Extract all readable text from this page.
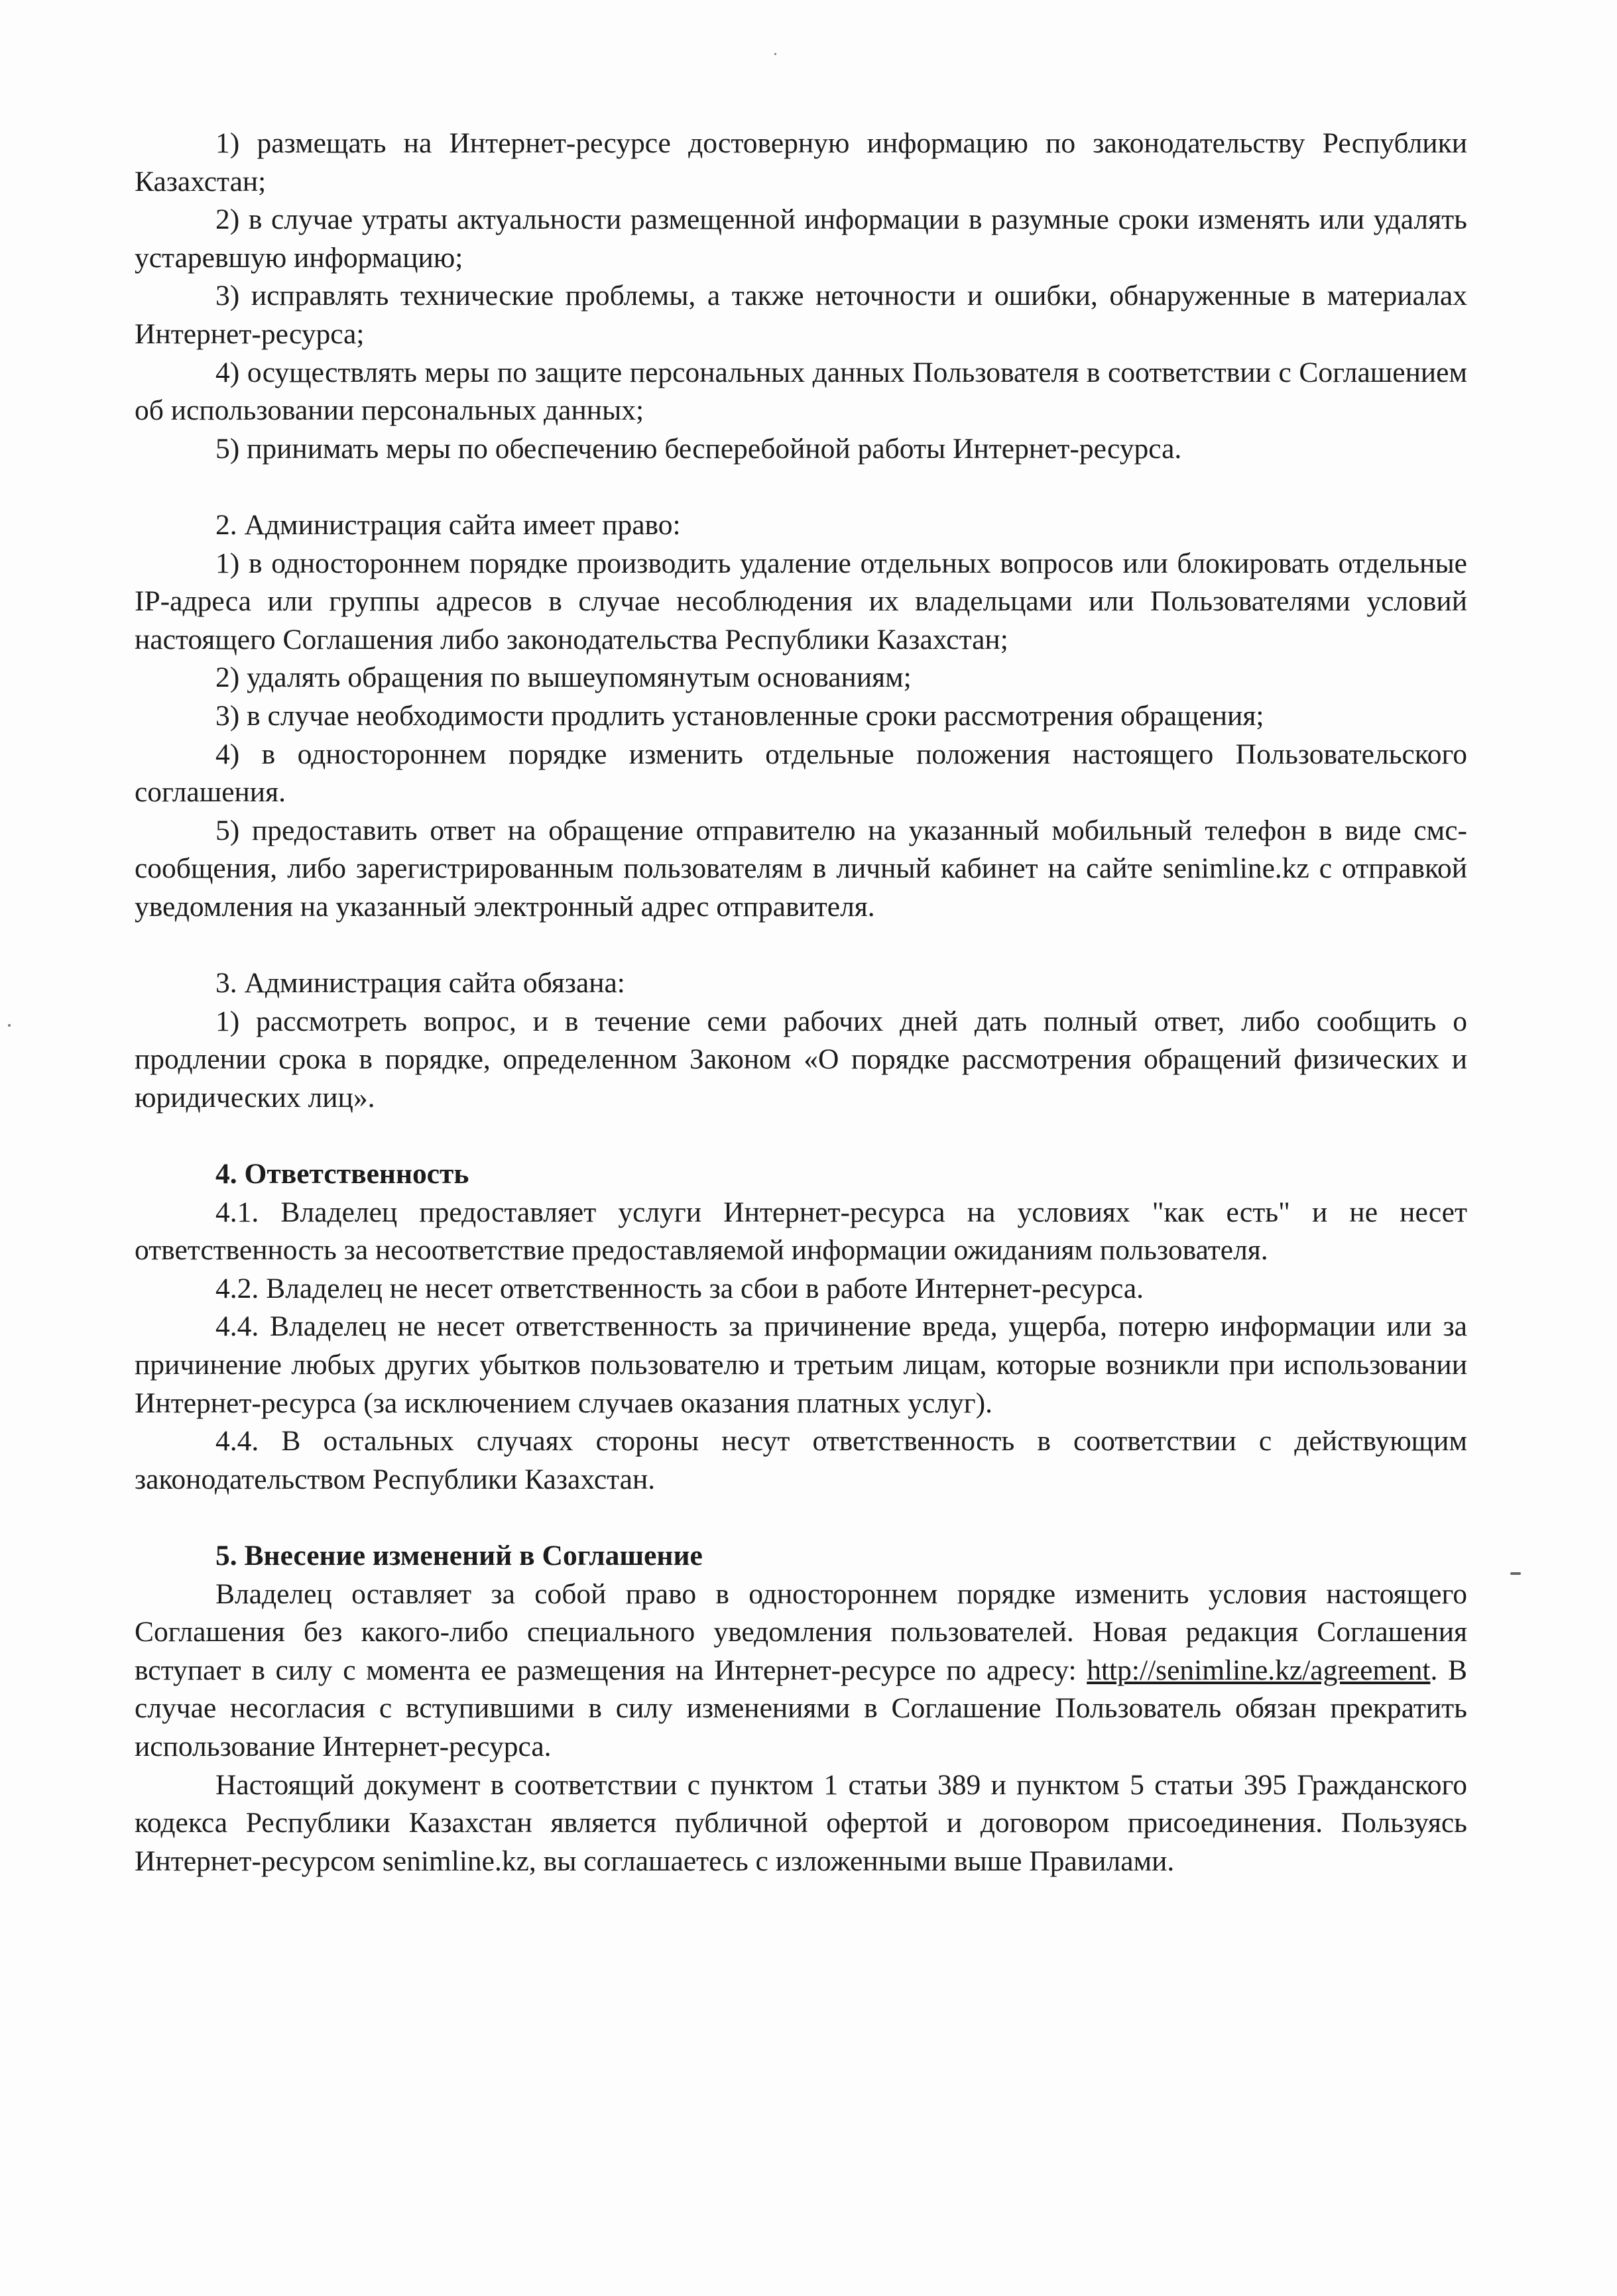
1) размещать на Интернет-ресурсе достоверную информацию по законодательству Республики Казахстан;

2) в случае утраты актуальности размещенной информации в разумные сроки изменять или удалять устаревшую информацию;

3) исправлять технические проблемы, а также неточности и ошибки, обнаруженные в материалах Интернет-ресурса;

4) осуществлять меры по защите персональных данных Пользователя в соответствии с Соглашением об использовании персональных данных;

5) принимать меры по обеспечению бесперебойной работы Интернет-ресурса.

2. Администрация сайта имеет право:

1) в одностороннем порядке производить удаление отдельных вопросов или блокировать отдельные IP-адреса или группы адресов в случае несоблюдения их владельцами или Пользователями условий настоящего Соглашения либо законодательства Республики Казахстан;

2) удалять обращения по вышеупомянутым основаниям;

3) в случае необходимости продлить установленные сроки рассмотрения обращения;

4) в одностороннем порядке изменить отдельные положения настоящего Пользовательского соглашения.

5) предоставить ответ на обращение отправителю на указанный мобильный телефон в виде смс-сообщения, либо зарегистрированным пользователям в личный кабинет на сайте senimline.kz с отправкой уведомления на указанный электронный адрес отправителя.

3. Администрация сайта обязана:

1) рассмотреть вопрос, и в течение семи рабочих дней дать полный ответ, либо сообщить о продлении срока в порядке, определенном Законом «О порядке рассмотрения обращений физических и юридических лиц».

4. Ответственность

4.1. Владелец предоставляет услуги Интернет-ресурса на условиях "как есть" и не несет ответственность за несоответствие предоставляемой информации ожиданиям пользователя.

4.2. Владелец не несет ответственность за сбои в работе Интернет-ресурса.

4.4. Владелец не несет ответственность за причинение вреда, ущерба, потерю информации или за причинение любых других убытков пользователю и третьим лицам, которые возникли при использовании Интернет-ресурса (за исключением случаев оказания платных услуг).

4.4. В остальных случаях стороны несут ответственность в соответствии с действующим законодательством Республики Казахстан.

5. Внесение изменений в Соглашение

Владелец оставляет за собой право в одностороннем порядке изменить условия настоящего Соглашения без какого-либо специального уведомления пользователей. Новая редакция Соглашения вступает в силу с момента ее размещения на Интернет-ресурсе по адресу: http://senimline.kz/agreement. В случае несогласия с вступившими в силу изменениями в Соглашение Пользователь обязан прекратить использование Интернет-ресурса.

Настоящий документ в соответствии с пунктом 1 статьи 389 и пунктом 5 статьи 395 Гражданского кодекса Республики Казахстан является публичной офертой и договором присоединения. Пользуясь Интернет-ресурсом senimline.kz, вы соглашаетесь с изложенными выше Правилами.
